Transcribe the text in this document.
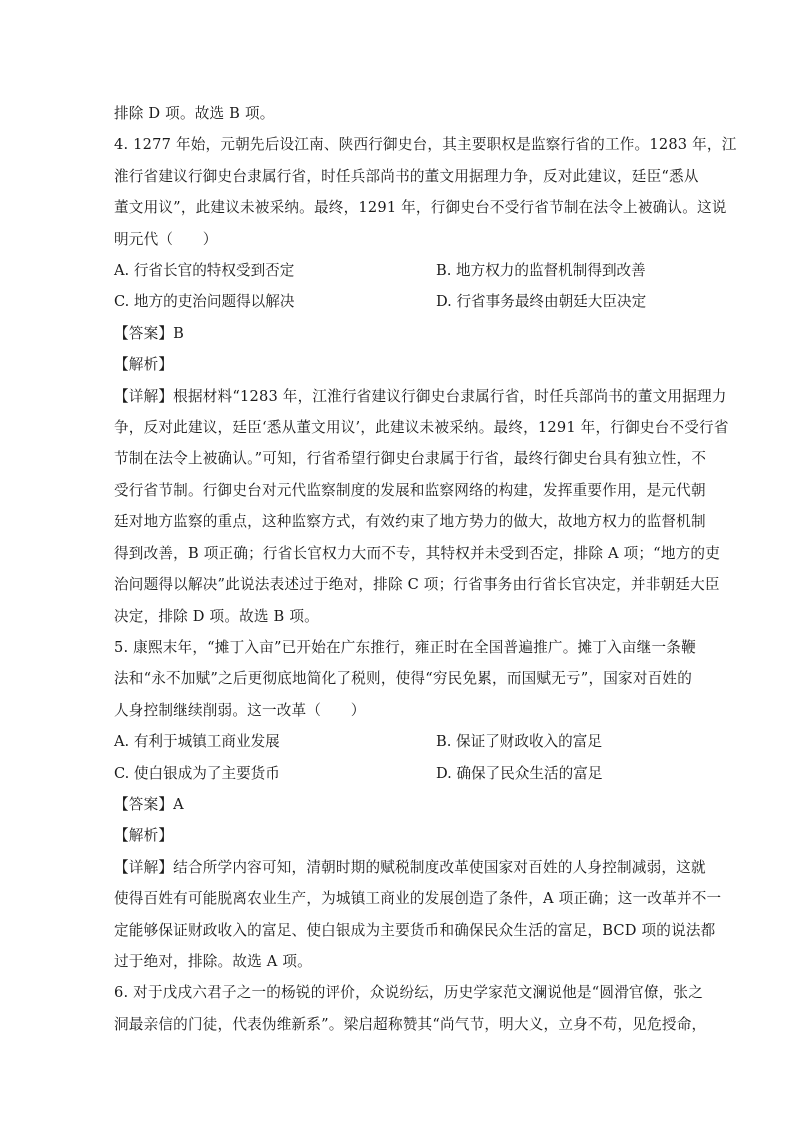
排除 D 项。故选 B 项。
4. 1277 年始，元朝先后设江南、陕西行御史台，其主要职权是监察行省的工作。1283 年，江
淮行省建议行御史台隶属行省，时任兵部尚书的董文用据理力争，反对此建议，廷臣“悉从
董文用议”，此建议未被采纳。最终，1291 年，行御史台不受行省节制在法令上被确认。这说
明元代（　　）
A. 行省长官的特权受到否定	B. 地方权力的监督机制得到改善
C. 地方的吏治问题得以解决	D. 行省事务最终由朝廷大臣决定
【答案】B
【解析】
【详解】根据材料“1283 年，江淮行省建议行御史台隶属行省，时任兵部尚书的董文用据理力
争，反对此建议，廷臣‘悉从董文用议’，此建议未被采纳。最终，1291 年，行御史台不受行省
节制在法令上被确认。”可知，行省希望行御史台隶属于行省，最终行御史台具有独立性，不
受行省节制。行御史台对元代监察制度的发展和监察网络的构建，发挥重要作用，是元代朝
廷对地方监察的重点，这种监察方式，有效约束了地方势力的做大，故地方权力的监督机制
得到改善，B 项正确；行省长官权力大而不专，其特权并未受到否定，排除 A 项；“地方的吏
治问题得以解决”此说法表述过于绝对，排除 C 项；行省事务由行省长官决定，并非朝廷大臣
决定，排除 D 项。故选 B 项。
5. 康熙末年，“摊丁入亩”已开始在广东推行，雍正时在全国普遍推广。摊丁入亩继一条鞭
法和“永不加赋”之后更彻底地简化了税则，使得“穷民免累，而国赋无亏”，国家对百姓的
人身控制继续削弱。这一改革（　　）
A. 有利于城镇工商业发展	B. 保证了财政收入的富足
C. 使白银成为了主要货币	D. 确保了民众生活的富足
【答案】A
【解析】
【详解】结合所学内容可知，清朝时期的赋税制度改革使国家对百姓的人身控制减弱，这就
使得百姓有可能脱离农业生产，为城镇工商业的发展创造了条件，A 项正确；这一改革并不一
定能够保证财政收入的富足、使白银成为主要货币和确保民众生活的富足，BCD 项的说法都
过于绝对，排除。故选 A 项。
6. 对于戊戌六君子之一的杨锐的评价，众说纷纭，历史学家范文澜说他是“圆滑官僚，张之
洞最亲信的门徒，代表伪维新系”。梁启超称赞其“尚气节，明大义，立身不苟，见危授命，
